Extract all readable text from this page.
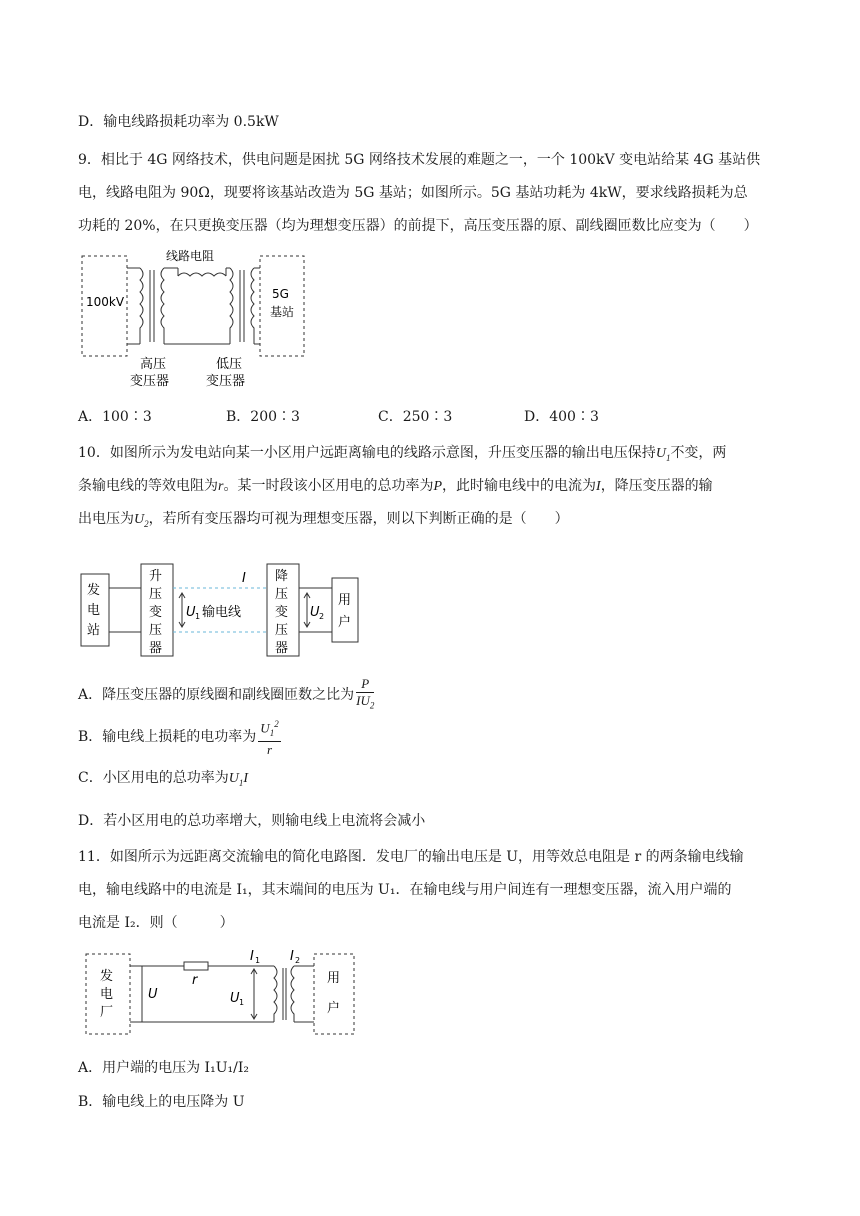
D．输电线路损耗功率为 0.5kW
9．相比于 4G 网络技术，供电问题是困扰 5G 网络技术发展的难题之一，一个 100kV 变电站给某 4G 基站供
电，线路电阻为 90Ω，现要将该基站改造为 5G 基站；如图所示。5G 基站功耗为 4kW，要求线路损耗为总
功耗的 20%，在只更换变压器（均为理想变压器）的前提下，高压变压器的原、副线圈匝数比应变为（　　）
100kV
线路电阻
5G
基站
高压
变压器
低压
变压器
A．100∶3	B．200∶3	C．250∶3	D．400∶3
10．如图所示为发电站向某一小区用户远距离输电的线路示意图，升压变压器的输出电压保持$U_1$不变，两
条输电线的等效电阻为r。某一时段该小区用电的总功率为P，此时输电线中的电流为I，降压变压器的输
出电压为$U_2$，若所有变压器均可视为理想变压器，则以下判断正确的是（　　）
发
电
站
升
压
变
压
器
U 1 输电线
I 降
压
变
压
器
U 2
用
户
A．降压变压器的原线圈和副线圈匝数之比为 $\frac{P}{IU_2}$
B．输电线上损耗的电功率为 $\frac{U_1^2}{r}$
C．小区用电的总功率为$U_1I$
D．若小区用电的总功率增大，则输电线上电流将会减小
11．如图所示为远距离交流输电的简化电路图．发电厂的输出电压是 U，用等效总电阻是 r 的两条输电线输
电，输电线路中的电流是 I₁，其末端间的电压为 U₁．在输电线与用户间连有一理想变压器，流入用户端的
电流是 I₂．则（　　　）
发
电
厂
U
r
I 1
U 1
I 2
用
户
A．用户端的电压为 I₁U₁/I₂
B．输电线上的电压降为 U
